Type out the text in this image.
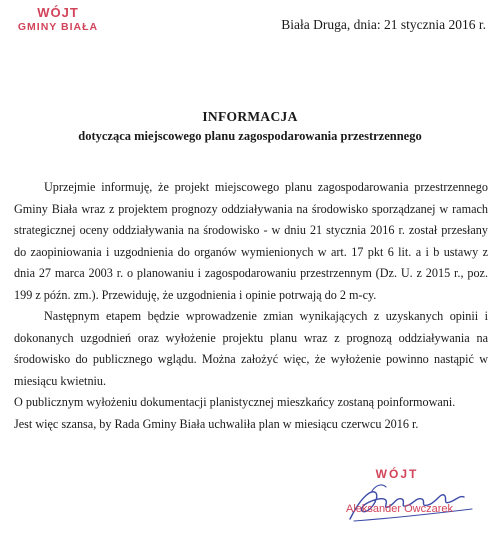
WÓJT
GMINY BIAŁA	Biała Druga, dnia: 21 stycznia 2016 r.
INFORMACJA
dotycząca miejscowego planu zagospodarowania przestrzennego

Uprzejmie informuję, że projekt miejscowego planu zagospodarowania przestrzennego Gminy Biała wraz z projektem prognozy oddziaływania na środowisko sporządzanej w ramach strategicznej oceny oddziaływania na środowisko - w dniu 21 stycznia 2016 r. został przesłany do zaopiniowania i uzgodnienia do organów wymienionych w art. 17 pkt 6 lit. a i b ustawy z dnia 27 marca 2003 r. o planowaniu i zagospodarowaniu przestrzennym (Dz. U. z 2015 r., poz. 199 z późn. zm.). Przewiduję, że uzgodnienia i opinie potrwają do 2 m-cy.

Następnym etapem będzie wprowadzenie zmian wynikających z uzyskanych opinii i dokonanych uzgodnień oraz wyłożenie projektu planu wraz z prognozą oddziaływania na środowisko do publicznego wglądu. Można założyć więc, że wyłożenie powinno nastąpić w miesiącu kwietniu.

O publicznym wyłożeniu dokumentacji planistycznej mieszkańcy zostaną poinformowani.

Jest więc szansa, by Rada Gminy Biała uchwaliła plan w miesiącu czerwcu 2016 r.

WÓJT
Aleksander Owczarek
